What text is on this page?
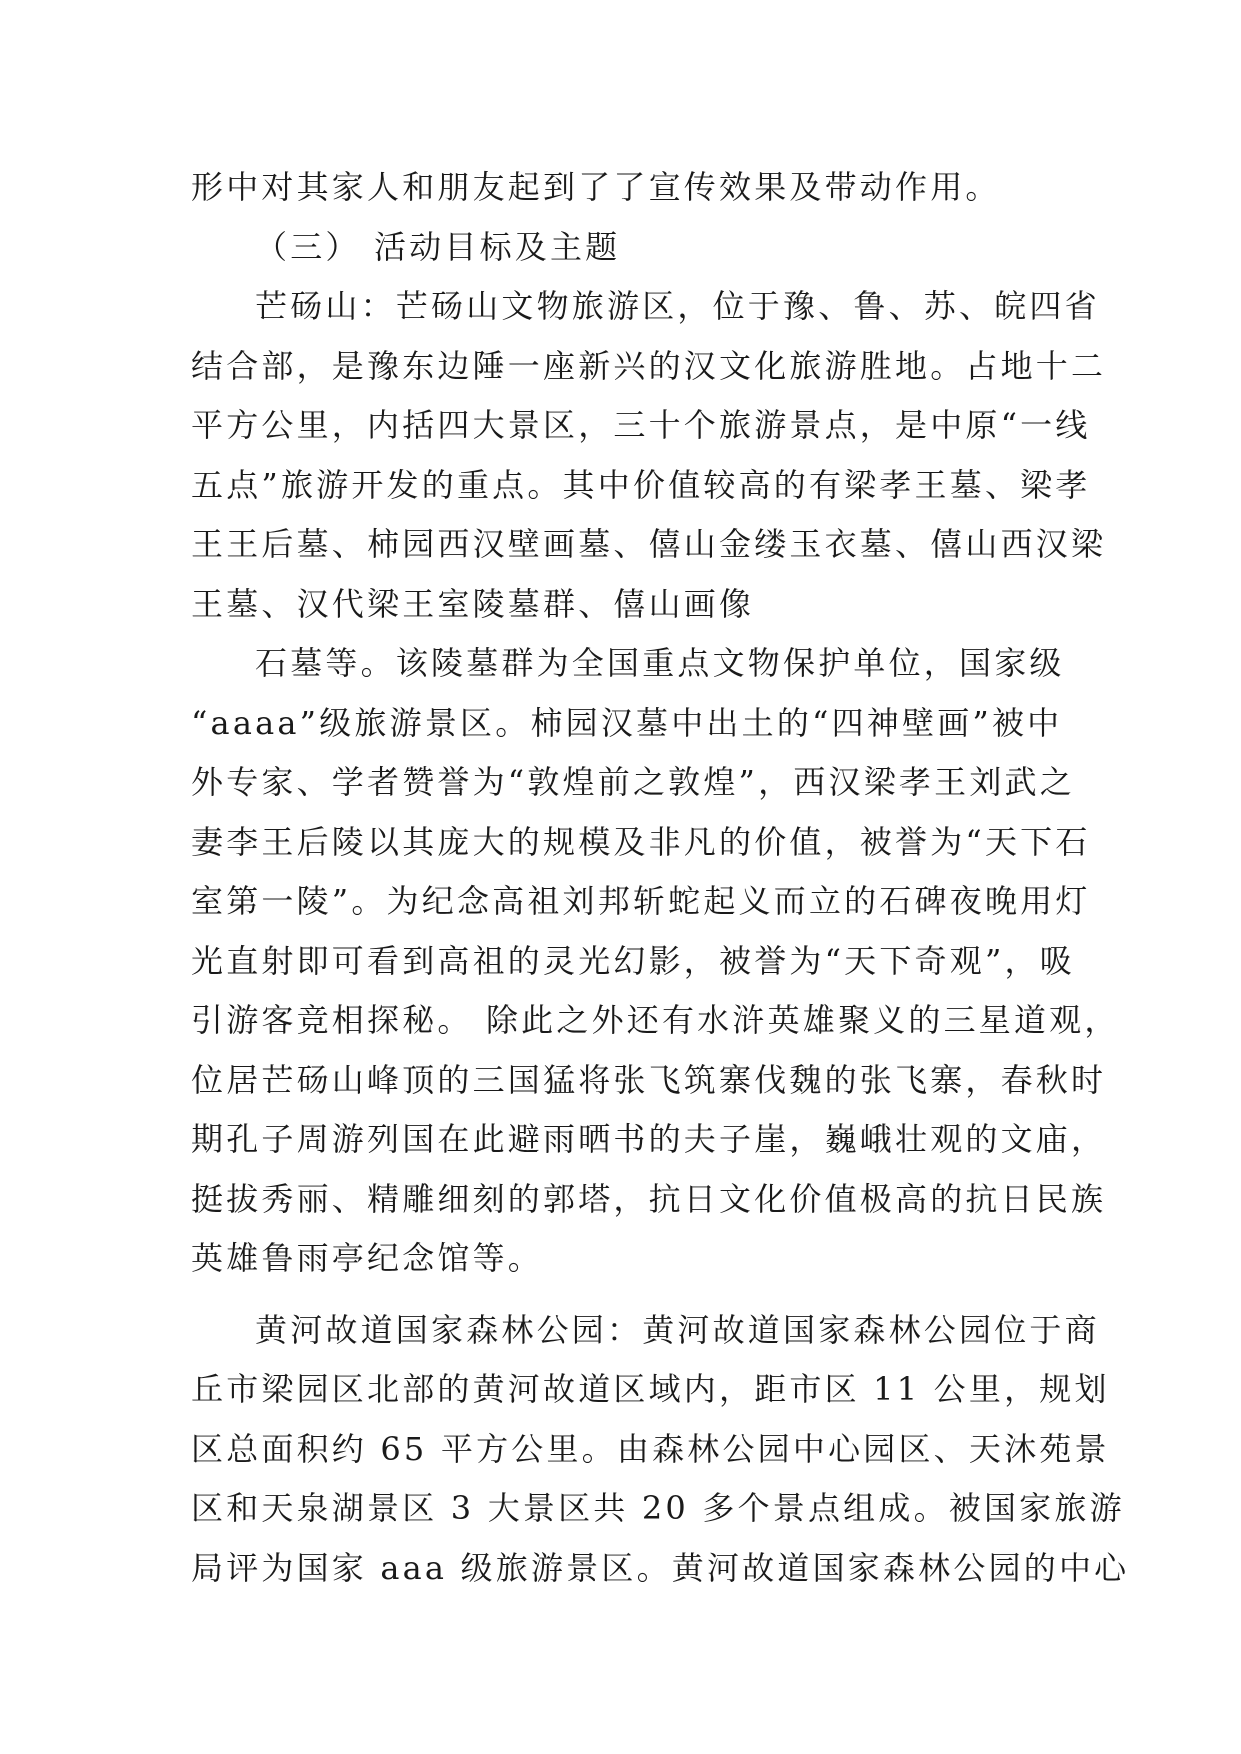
形中对其家人和朋友起到了了宣传效果及带动作用。
（三） 活动目标及主题
芒砀山：芒砀山文物旅游区，位于豫、鲁、苏、皖四省
结合部，是豫东边陲一座新兴的汉文化旅游胜地。占地十二
平方公里，内括四大景区，三十个旅游景点，是中原“一线
五点”旅游开发的重点。其中价值较高的有梁孝王墓、梁孝
王王后墓、柿园西汉壁画墓、僖山金缕玉衣墓、僖山西汉梁
王墓、汉代梁王室陵墓群、僖山画像
石墓等。该陵墓群为全国重点文物保护单位，国家级
“aaaa”级旅游景区。柿园汉墓中出土的“四神壁画”被中
外专家、学者赞誉为“敦煌前之敦煌”，西汉梁孝王刘武之
妻李王后陵以其庞大的规模及非凡的价值，被誉为“天下石
室第一陵”。为纪念高祖刘邦斩蛇起义而立的石碑夜晚用灯
光直射即可看到高祖的灵光幻影，被誉为“天下奇观”，吸
引游客竞相探秘。 除此之外还有水浒英雄聚义的三星道观，
位居芒砀山峰顶的三国猛将张飞筑寨伐魏的张飞寨，春秋时
期孔子周游列国在此避雨晒书的夫子崖，巍峨壮观的文庙，
挺拔秀丽、精雕细刻的郭塔，抗日文化价值极高的抗日民族
英雄鲁雨亭纪念馆等。
黄河故道国家森林公园：黄河故道国家森林公园位于商
丘市梁园区北部的黄河故道区域内，距市区 11 公里，规划
区总面积约 65 平方公里。由森林公园中心园区、天沐苑景
区和天泉湖景区 3 大景区共 20 多个景点组成。被国家旅游
局评为国家 aaa 级旅游景区。黄河故道国家森林公园的中心
